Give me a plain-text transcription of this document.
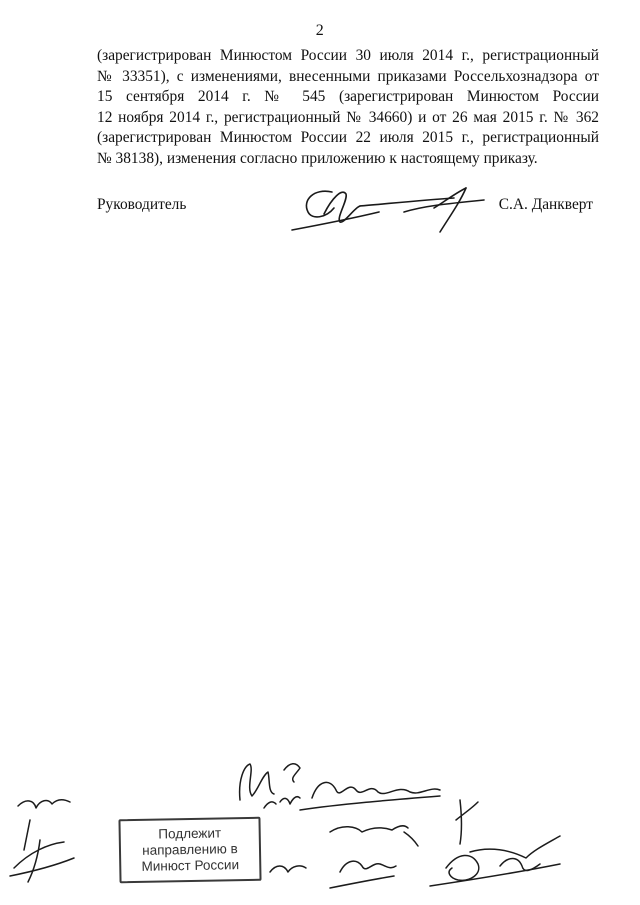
2
(зарегистрирован Минюстом России 30 июля 2014 г., регистрационный
№ 33351), с изменениями, внесенными приказами Россельхознадзора от
15 сентября 2014 г. № 545 (зарегистрирован Минюстом России
12 ноября 2014 г., регистрационный № 34660) и от 26 мая 2015 г. № 362
(зарегистрирован Минюстом России 22 июля 2015 г., регистрационный
№ 38138), изменения согласно приложению к настоящему приказу.
Руководитель	С.А. Данкверт
Подлежит
направлению в
Минюст России
